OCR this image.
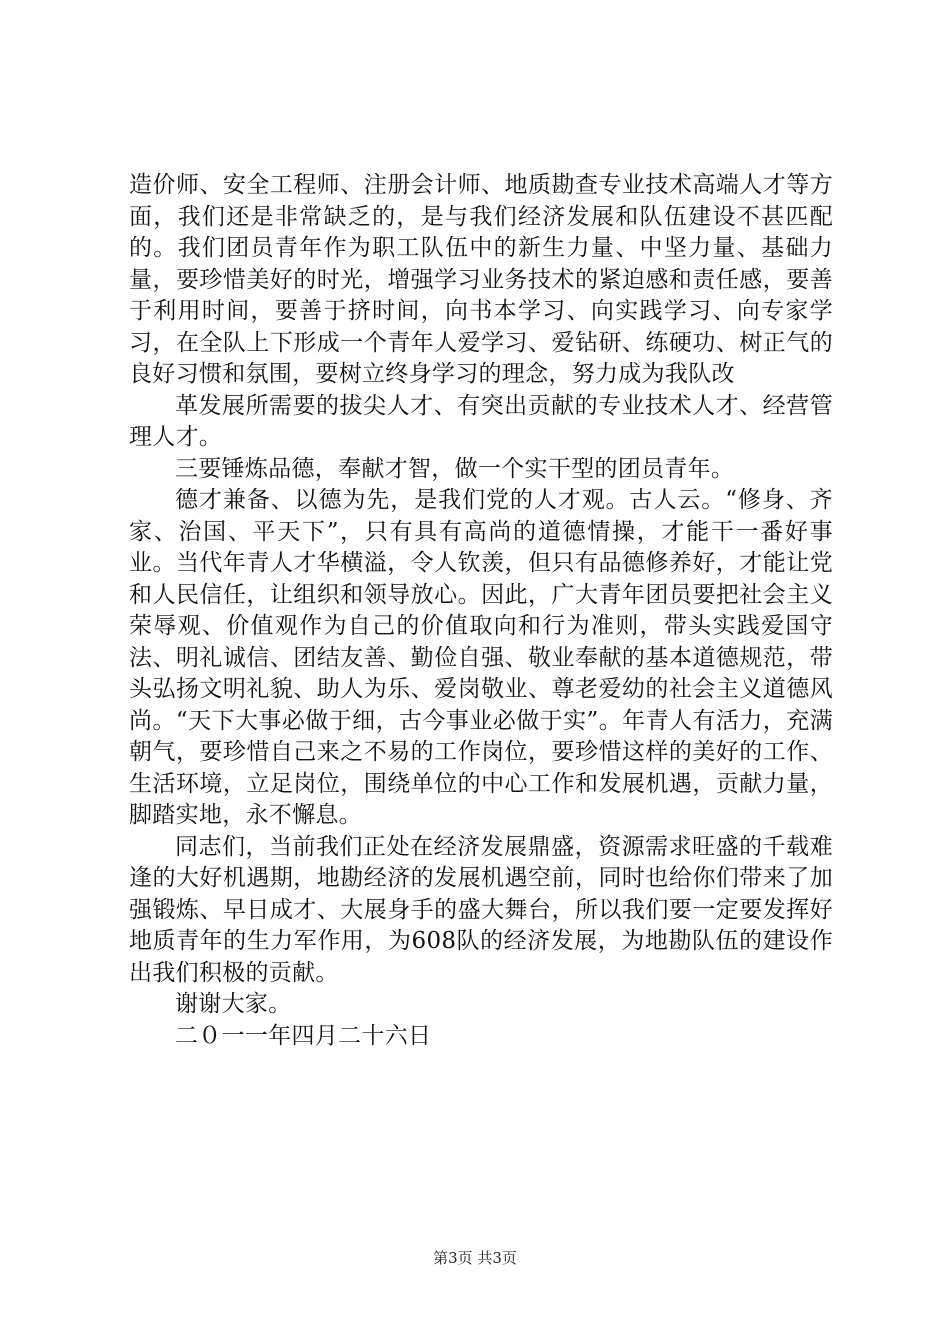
造价师、安全工程师、注册会计师、地质勘查专业技术高端人才等方面，我们还是非常缺乏的，是与我们经济发展和队伍建设不甚匹配的。我们团员青年作为职工队伍中的新生力量、中坚力量、基础力量，要珍惜美好的时光，增强学习业务技术的紧迫感和责任感，要善于利用时间，要善于挤时间，向书本学习、向实践学习、向专家学习，在全队上下形成一个青年人爱学习、爱钻研、练硬功、树正气的良好习惯和氛围，要树立终身学习的理念，努力成为我队改

革发展所需要的拔尖人才、有突出贡献的专业技术人才、经营管理人才。

三要锤炼品德，奉献才智，做一个实干型的团员青年。

德才兼备、以德为先，是我们党的人才观。古人云。“修身、齐家、治国、平天下”，只有具有高尚的道德情操，才能干一番好事业。当代年青人才华横溢，令人钦羡，但只有品德修养好，才能让党和人民信任，让组织和领导放心。因此，广大青年团员要把社会主义荣辱观、价值观作为自己的价值取向和行为准则，带头实践爱国守法、明礼诚信、团结友善、勤俭自强、敬业奉献的基本道德规范，带头弘扬文明礼貌、助人为乐、爱岗敬业、尊老爱幼的社会主义道德风尚。“天下大事必做于细，古今事业必做于实”。年青人有活力，充满朝气，要珍惜自己来之不易的工作岗位，要珍惜这样的美好的工作、生活环境，立足岗位，围绕单位的中心工作和发展机遇，贡献力量，脚踏实地，永不懈息。

同志们，当前我们正处在经济发展鼎盛，资源需求旺盛的千载难逢的大好机遇期，地勘经济的发展机遇空前，同时也给你们带来了加强锻炼、早日成才、大展身手的盛大舞台，所以我们要一定要发挥好地质青年的生力军作用，为608队的经济发展，为地勘队伍的建设作出我们积极的贡献。

谢谢大家。

二０一一年四月二十六日

第3页 共3页
